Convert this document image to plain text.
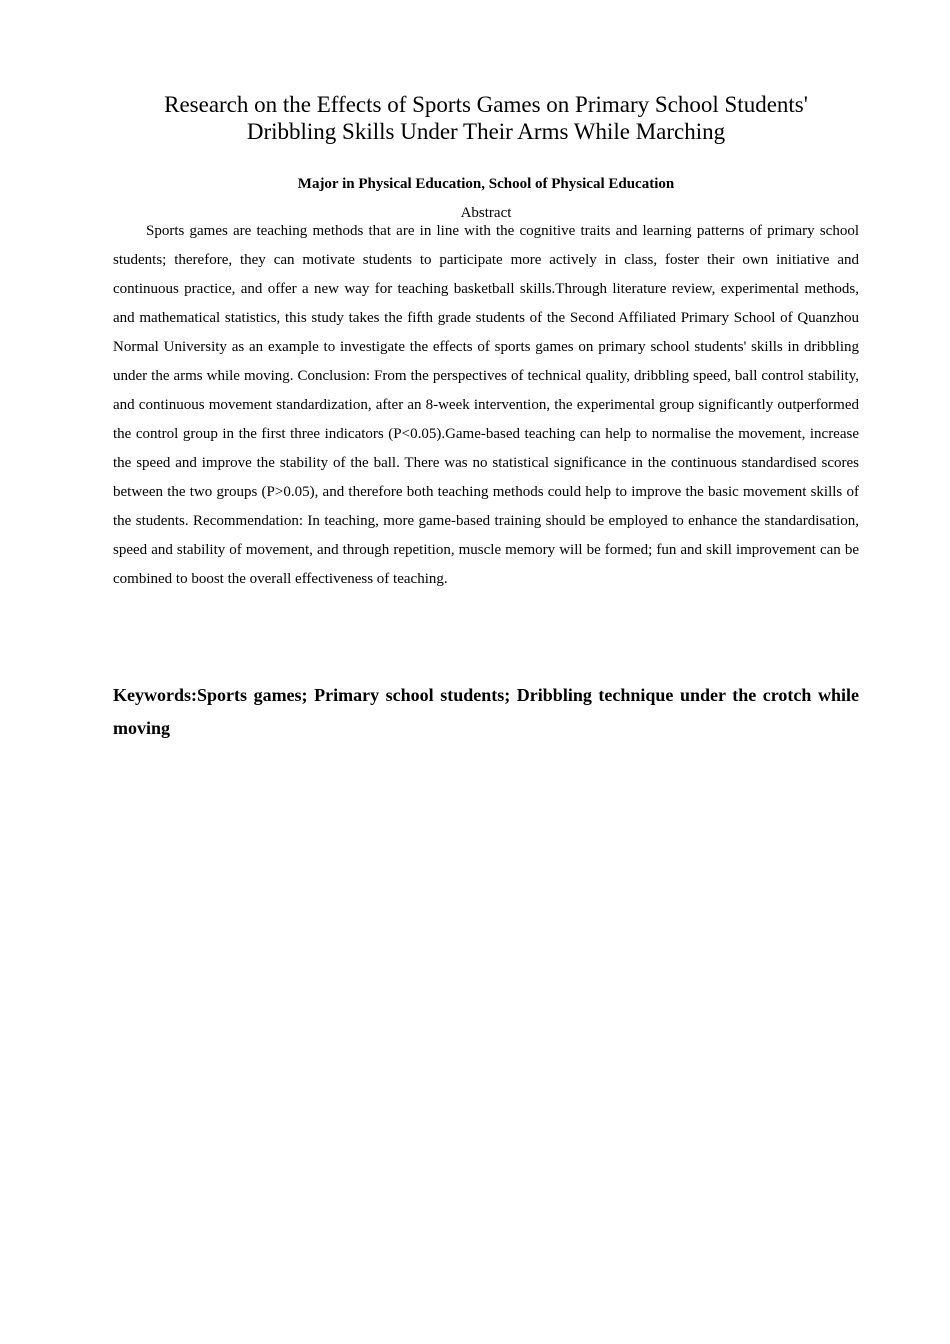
Research on the Effects of Sports Games on Primary School Students'
Dribbling Skills Under Their Arms While Marching

Major in Physical Education, School of Physical Education

Abstract

Sports games are teaching methods that are in line with the cognitive traits and learning patterns of primary school students; therefore, they can motivate students to participate more actively in class, foster their own initiative and continuous practice, and offer a new way for teaching basketball skills.Through literature review, experimental methods, and mathematical statistics, this study takes the fifth grade students of the Second Affiliated Primary School of Quanzhou Normal University as an example to investigate the effects of sports games on primary school students' skills in dribbling under the arms while moving. Conclusion: From the perspectives of technical quality, dribbling speed, ball control stability, and continuous movement standardization, after an 8-week intervention, the experimental group significantly outperformed the control group in the first three indicators (P<0.05).Game-based teaching can help to normalise the movement, increase the speed and improve the stability of the ball. There was no statistical significance in the continuous standardised scores between the two groups (P>0.05), and therefore both teaching methods could help to improve the basic movement skills of the students. Recommendation: In teaching, more game-based training should be employed to enhance the standardisation, speed and stability of movement, and through repetition, muscle memory will be formed; fun and skill improvement can be combined to boost the overall effectiveness of teaching.

Keywords:Sports games; Primary school students; Dribbling technique under the crotch while moving
